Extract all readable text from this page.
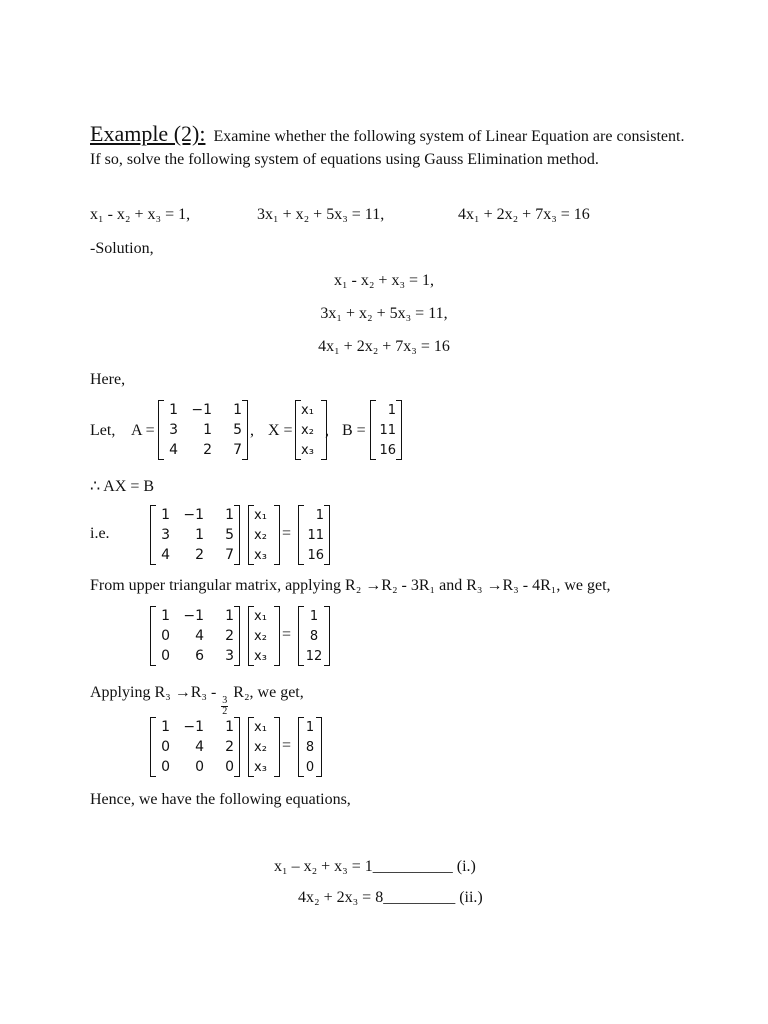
Example (2): Examine whether the following system of Linear Equation are consistent. If so, solve the following system of equations using Gauss Elimination method.
x₁ - x₂ + x₃ = 1,	3x₁ + x₂ + 5x₃ = 11,	4x₁ + 2x₂ + 7x₃ = 16
-Solution,
x₁ - x₂ + x₃ = 1,
3x₁ + x₂ + 5x₃ = 11,
4x₁ + 2x₂ + 7x₃ = 16
Here,
Let, A =
1 −1	1
3	1	5
4	2	7
, X =
x₁
x₂
x₃
, B =
1
11
16
∴ AX = B
i.e.
1 −1	1
3	1	5
4	2	7
x₁
x₂
x₃
=
1
11
16
From upper triangular matrix, applying R₂ →R₂ - 3R₁ and R₃ →R₃ - 4R₁, we get,
1 −1	1
0	4	2
0	6	3
x₁
x₂
x₃
=
1
8
12
Applying R₃ →R₃ -
$\frac{3}{2}$
R₂, we get,
1 −1	1
0	4	2
0	0	0
x₁
x₂
x₃
=
1
8
0
Hence, we have the following equations,
x₁ – x₂ + x₃ = 1__________ (i.)
4x₂ + 2x₃ = 8_________ (ii.)
